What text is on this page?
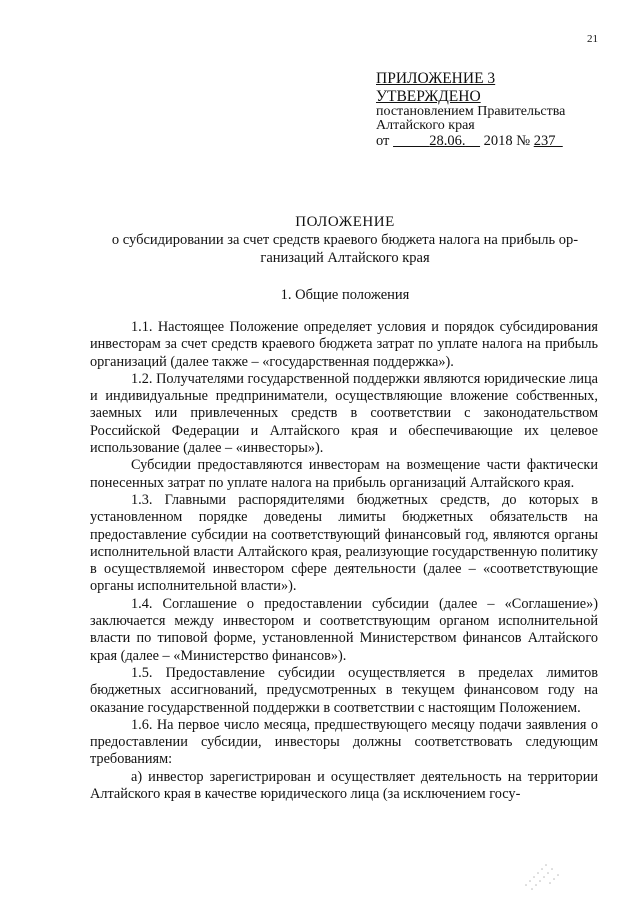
21
ПРИЛОЖЕНИЕ 3
УТВЕРЖДЕНО
постановлением Правительства
Алтайского края
от	28.06. 2018 № 237
ПОЛОЖЕНИЕ
о субсидировании за счет средств краевого бюджета налога на прибыль ор-
ганизаций Алтайского края
1. Общие положения

1.1. Настоящее Положение определяет условия и порядок субсидирования инвесторам за счет средств краевого бюджета затрат по уплате налога на прибыль организаций (далее также – «государственная поддержка»).

1.2. Получателями государственной поддержки являются юридические лица и индивидуальные предприниматели, осуществляющие вложение собственных, заемных или привлеченных средств в соответствии с законодательством Российской Федерации и Алтайского края и обеспечивающие их целевое использование (далее – «инвесторы»).

Субсидии предоставляются инвесторам на возмещение части фактически понесенных затрат по уплате налога на прибыль организаций Алтайского края.

1.3. Главными распорядителями бюджетных средств, до которых в установленном порядке доведены лимиты бюджетных обязательств на предоставление субсидии на соответствующий финансовый год, являются органы исполнительной власти Алтайского края, реализующие государственную политику в осуществляемой инвестором сфере деятельности (далее – «соответствующие органы исполнительной власти»).

1.4. Соглашение о предоставлении субсидии (далее – «Соглашение») заключается между инвестором и соответствующим органом исполнительной власти по типовой форме, установленной Министерством финансов Алтайского края (далее – «Министерство финансов»).

1.5. Предоставление субсидии осуществляется в пределах лимитов бюджетных ассигнований, предусмотренных в текущем финансовом году на оказание государственной поддержки в соответствии с настоящим Положением.

1.6. На первое число месяца, предшествующего месяцу подачи заявления о предоставлении субсидии, инвесторы должны соответствовать следующим требованиям:

а) инвестор зарегистрирован и осуществляет деятельность на территории Алтайского края в качестве юридического лица (за исключением госу-
